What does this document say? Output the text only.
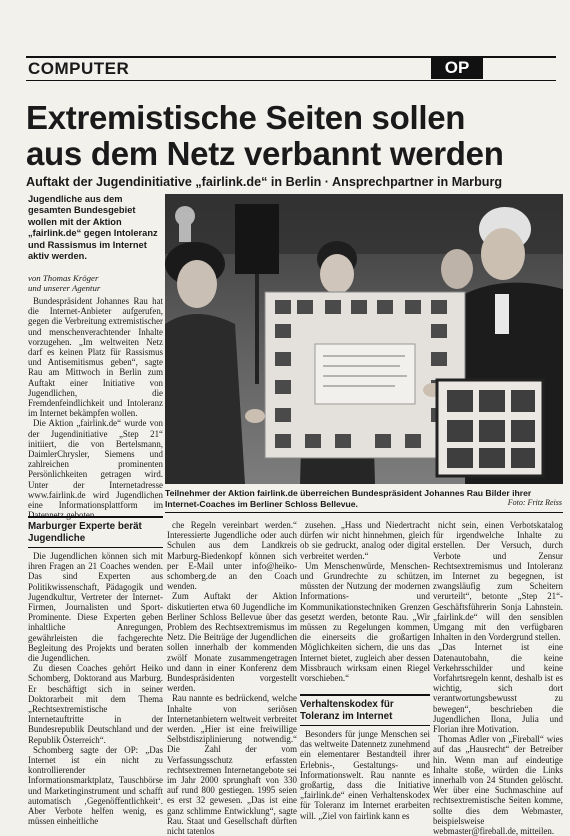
COMPUTER	OP
Extremistische Seiten sollen
aus dem Netz verbannt werden
Auftakt der Jugendinitiative „fairlink.de“ in Berlin · Ansprechpartner in Marburg
Jugendliche aus dem gesamten Bundesgebiet wollen mit der Aktion „fairlink.de“ gegen Intoleranz und Rassismus im Internet aktiv werden.
von Thomas Kröger
und unserer Agentur

Bundespräsident Johannes Rau hat die Internet-Anbieter aufgerufen, gegen die Verbreitung extremistischer und menschenverachtender Inhalte vorzugehen. „Im weltweiten Netz darf es keinen Platz für Rassismus und Antisemitismus geben“, sagte Rau am Mittwoch in Berlin zum Auftakt einer Initiative von Jugendlichen, die Fremdenfeindlichkeit und Intoleranz im Internet bekämpfen wollen.

Die Aktion „fairlink.de“ wurde von der Jugendinitiative „Step 21“ initiiert, die von Bertelsmann, DaimlerChrysler, Siemens und zahlreichen prominenten Persönlichkeiten getragen wird. Unter der Internetadresse www.fairlink.de wird Jugendlichen eine Informationsplattform im Datennetz geboten.

Marburger Experte berät Jugendliche

Die Jugendlichen können sich mit ihren Fragen an 21 Coaches wenden. Das sind Experten aus Politikwissenschaft, Pädagogik und Jugendkultur, Vertreter der Internet-Firmen, Journalisten und Sport-Prominente. Diese Experten geben inhaltliche Anregungen, gewährleisten die fachgerechte Begleitung des Projekts und beraten die Jugendlichen.

Zu diesen Coaches gehört Heiko Schomberg, Doktorand aus Marburg. Er beschäftigt sich in seiner Doktorarbeit mit dem Thema „Rechtsextremistische Internetauftritte in der Bundesrepublik Deutschland und der Republik Österreich“.

Schomberg sagte der OP: „Das Internet ist ein nicht zu kontrollierender Informationsmarktplatz, Tauschbörse und Marketinginstrument und schafft automatisch ‚Gegenöffentlichkeit‘. Aber Verbote helfen wenig, es müssen einheitliche

Teilnehmer der Aktion fairlink.de überreichen Bundespräsident Johannes Rau Bilder ihrer Internet-Coaches im Berliner Schloss Bellevue.	Foto: Fritz Reiss

che Regeln vereinbart werden.“ Interessierte Jugendliche oder auch Schulen aus dem Landkreis Marburg-Biedenkopf können sich per E-Mail unter info@heiko-schomberg.de an den Coach wenden.

Zum Auftakt der Aktion diskutierten etwa 60 Jugendliche im Berliner Schloss Bellevue über das Problem des Rechtsextremismus im Netz. Die Beiträge der Jugendlichen sollen innerhalb der kommenden zwölf Monate zusammengetragen und dann in einer Konferenz dem Bundespräsidenten vorgestellt werden.

Rau nannte es bedrückend, welche Inhalte von seriösen Internetanbietern weltweit verbreitet werden. „Hier ist eine freiwillige Selbstdisziplinierung notwendig.“ Die Zahl der vom Verfassungsschutz erfassten rechtsextremen Internetangebote sei im Jahr 2000 sprunghaft von 330 auf rund 800 gestiegen. 1995 seien es erst 32 gewesen. „Das ist eine ganz schlimme Entwicklung“, sagte Rau. Staat und Gesellschaft dürften nicht tatenlos

zusehen. „Hass und Niedertracht dürfen wir nicht hinnehmen, gleich ob sie gedruckt, analog oder digital verbreitet werden.“

Um Menschenwürde, Menschen- und Grundrechte zu schützen, müssten der Nutzung der modernen Informations- und Kommunikationstechniken Grenzen gesetzt werden, betonte Rau. „Wir müssen zu Regelungen kommen, die einerseits die großartigen Möglichkeiten sichern, die uns das Internet bietet, zugleich aber dessen Missbrauch wirksam einen Riegel vorschieben.“

Verhaltenskodex für Toleranz im Internet

Besonders für junge Menschen sei das weltweite Datennetz zunehmend ein elementarer Bestandteil ihrer Erlebnis-, Gestaltungs- und Informationswelt. Rau nannte es großartig, dass die Initiative „fairlink.de“ einen Verhaltenskodex für Toleranz im Internet erarbeiten will. „Ziel von fairlink kann es

nicht sein, einen Verbotskatalog für irgendwelche Inhalte zu erstellen. Der Versuch, durch Verbote und Zensur Rechtsextremismus und Intoleranz im Internet zu begegnen, ist zwangsläufig zum Scheitern verurteilt“, betonte „Step 21“-Geschäftsführerin Sonja Lahnstein. „fairlink.de“ will den sensiblen Umgang mit den verfügbaren Inhalten in den Vordergrund stellen.

„Das Internet ist eine Datenautobahn, die keine Verkehrsschilder und keine Vorfahrtsregeln kennt, deshalb ist es wichtig, sich dort verantwortungsbewusst zu bewegen“, beschrieben die Jugendlichen Ilona, Julia und Florian ihre Motivation.

Thomas Adler von „Fireball“ wies auf das „Hausrecht“ der Betreiber hin. Wenn man auf eindeutige Inhalte stoße, würden die Links innerhalb von 24 Stunden gelöscht. Wer über eine Suchmaschine auf rechtsextremistische Seiten komme, sollte dies dem Webmaster, beispielsweise webmaster@fireball.de, mitteilen.
